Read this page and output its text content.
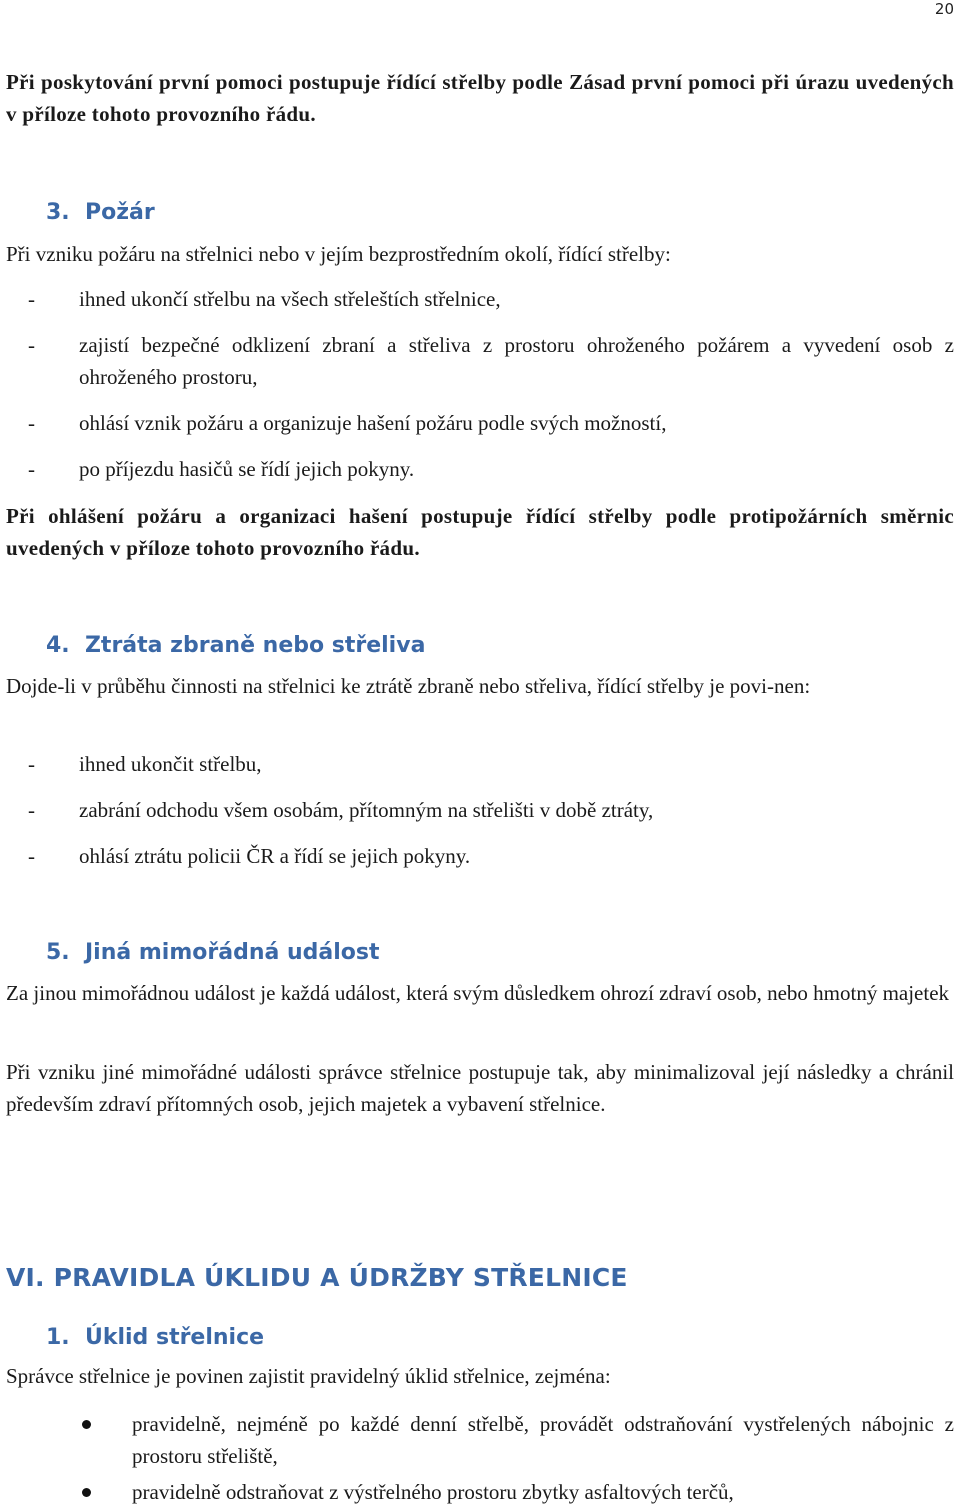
20
Při poskytování první pomoci postupuje řídící střelby podle Zásad první pomoci při úrazu uvedených v příloze tohoto provozního řádu.
3.  Požár
Při vzniku požáru na střelnici nebo v jejím bezprostředním okolí, řídící střelby:
- ihned ukončí střelbu na všech střeleštích střelnice,
- zajistí bezpečné odklizení zbraní a střeliva z prostoru ohroženého požárem a vyvedení osob z ohroženého prostoru,
- ohlásí vznik požáru a organizuje hašení požáru podle svých možností,
- po příjezdu hasičů se řídí jejich pokyny.
Při ohlášení požáru a organizaci hašení postupuje řídící střelby podle protipožárních směrnic uvedených v příloze tohoto provozního řádu.
4.  Ztráta zbraně nebo střeliva
Dojde-li v průběhu činnosti na střelnici ke ztrátě zbraně nebo střeliva, řídící střelby je povi-nen:
- ihned ukončit střelbu,
- zabrání odchodu všem osobám, přítomným na střelišti v době ztráty,
- ohlásí ztrátu policii ČR a řídí se jejich pokyny.
5.  Jiná mimořádná událost
Za jinou mimořádnou událost je každá událost, která svým důsledkem ohrozí zdraví osob, nebo hmotný majetek
Při vzniku jiné mimořádné události správce střelnice postupuje tak, aby minimalizoval její následky a chránil především zdraví přítomných osob, jejich majetek a vybavení střelnice.
VI. PRAVIDLA ÚKLIDU A ÚDRŽBY STŘELNICE
1.  Úklid střelnice
Správce střelnice je povinen zajistit pravidelný úklid střelnice, zejména:
pravidelně, nejméně po každé denní střelbě, provádět odstraňování vystřelených nábojnic z prostoru střeliště,
pravidelně odstraňovat z výstřelného prostoru zbytky asfaltových terčů,
